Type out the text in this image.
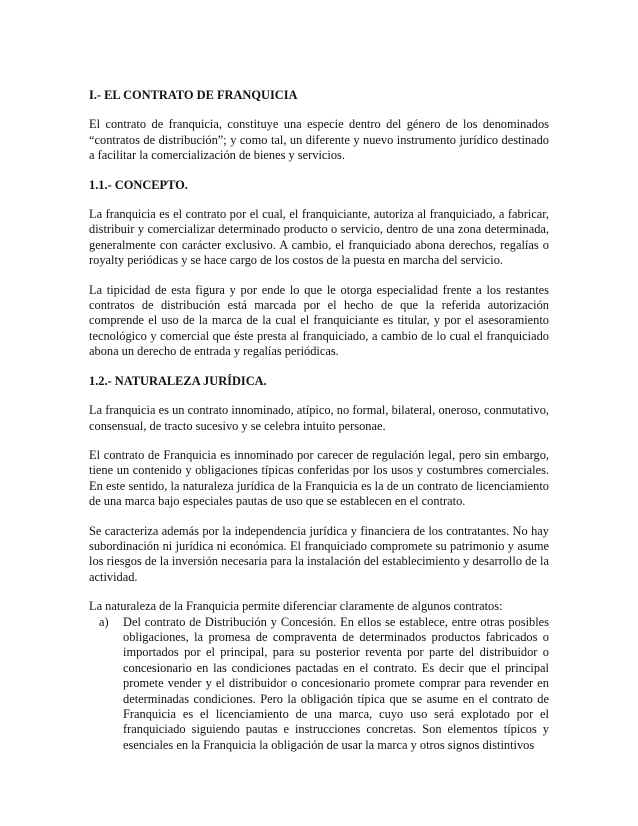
I.- EL CONTRATO DE FRANQUICIA

El contrato de franquicia, constituye una especie dentro del género de los denominados “contratos de distribución”; y como tal, un diferente y nuevo instrumento jurídico destinado a facilitar la comercialización de bienes y servicios.

1.1.- CONCEPTO.

La franquicia es el contrato por el cual, el franquiciante, autoriza al franquiciado, a fabricar, distribuir y comercializar determinado producto o servicio, dentro de una zona determinada, generalmente con carácter exclusivo. A cambio, el franquiciado abona derechos, regalías o royalty periódicas y se hace cargo de los costos de la puesta en marcha del servicio.

La tipicidad de esta figura y por ende lo que le otorga especialidad frente a los restantes contratos de distribución está marcada por el hecho de que la referida autorización comprende el uso de la marca de la cual el franquiciante es titular, y por el asesoramiento tecnológico y comercial que éste presta al franquiciado, a cambio de lo cual el franquiciado abona un derecho de entrada y regalías periódicas.

1.2.- NATURALEZA JURÍDICA.

La franquicia es un contrato innominado, atípico, no formal, bilateral, oneroso, conmutativo, consensual, de tracto sucesivo y se celebra intuito personae.

El contrato de Franquicia es innominado por carecer de regulación legal, pero sin embargo, tiene un contenido y obligaciones típicas conferidas por los usos y costumbres comerciales. En este sentido, la naturaleza jurídica de la Franquicia es la de un contrato de licenciamiento de una marca bajo especiales pautas de uso que se establecen en el contrato.

Se caracteriza además por la independencia jurídica y financiera de los contratantes. No hay subordinación ni jurídica ni económica. El franquiciado compromete su patrimonio y asume los riesgos de la inversión necesaria para la instalación del establecimiento y desarrollo de la actividad.

La naturaleza de la Franquicia permite diferenciar claramente de algunos contratos:

a) Del contrato de Distribución y Concesión. En ellos se establece, entre otras posibles obligaciones, la promesa de compraventa de determinados productos fabricados o importados por el principal, para su posterior reventa por parte del distribuidor o concesionario en las condiciones pactadas en el contrato. Es decir que el principal promete vender y el distribuidor o concesionario promete comprar para revender en determinadas condiciones. Pero la obligación típica que se asume en el contrato de Franquicia es el licenciamiento de una marca, cuyo uso será explotado por el franquiciado siguiendo pautas e instrucciones concretas. Son elementos típicos y esenciales en la Franquicia la obligación de usar la marca y otros signos distintivos
